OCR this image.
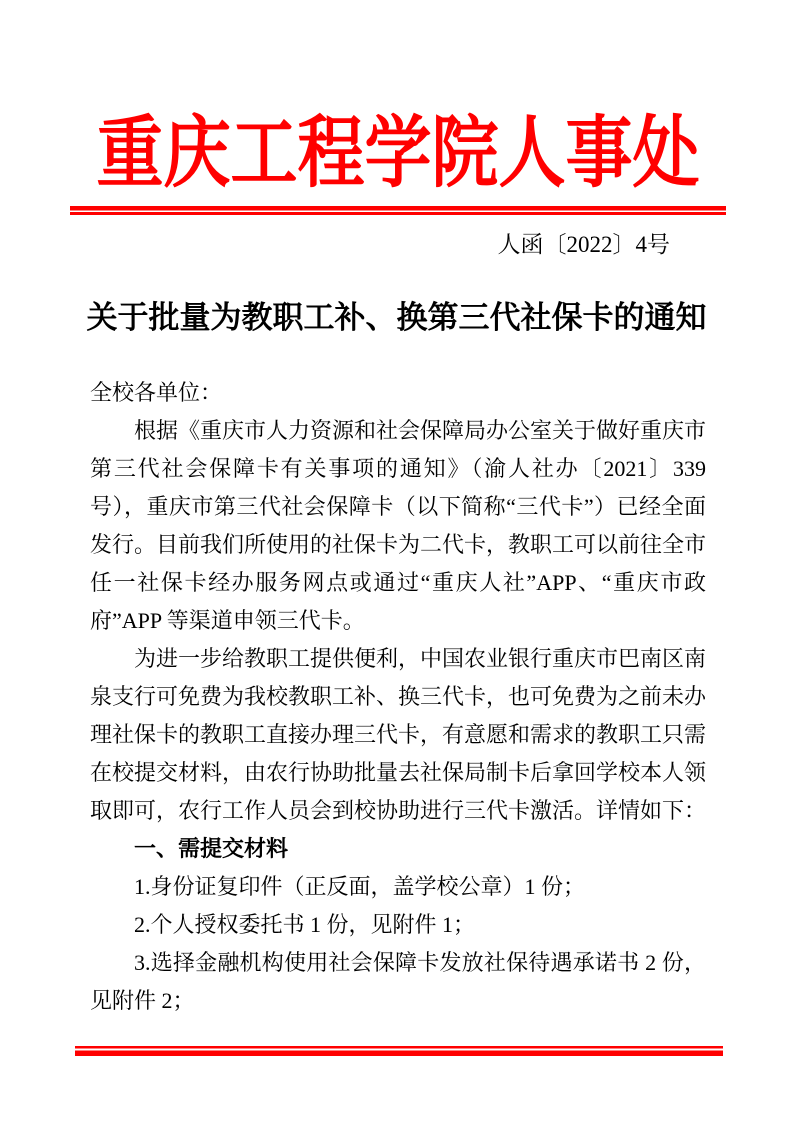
重庆工程学院人事处
人函〔2022〕4号
关于批量为教职工补、换第三代社保卡的通知

全校各单位：

根据《重庆市人力资源和社会保障局办公室关于做好重庆市第三代社会保障卡有关事项的通知》（渝人社办〔2021〕339 号），重庆市第三代社会保障卡（以下简称“三代卡”）已经全面发行。目前我们所使用的社保卡为二代卡，教职工可以前往全市任一社保卡经办服务网点或通过“重庆人社”APP、“重庆市政府”APP 等渠道申领三代卡。

为进一步给教职工提供便利，中国农业银行重庆市巴南区南泉支行可免费为我校教职工补、换三代卡，也可免费为之前未办理社保卡的教职工直接办理三代卡，有意愿和需求的教职工只需在校提交材料，由农行协助批量去社保局制卡后拿回学校本人领取即可，农行工作人员会到校协助进行三代卡激活。详情如下：

一、需提交材料

1.身份证复印件（正反面，盖学校公章）1 份；

2.个人授权委托书 1 份，见附件 1；

3.选择金融机构使用社会保障卡发放社保待遇承诺书 2 份，见附件 2；
